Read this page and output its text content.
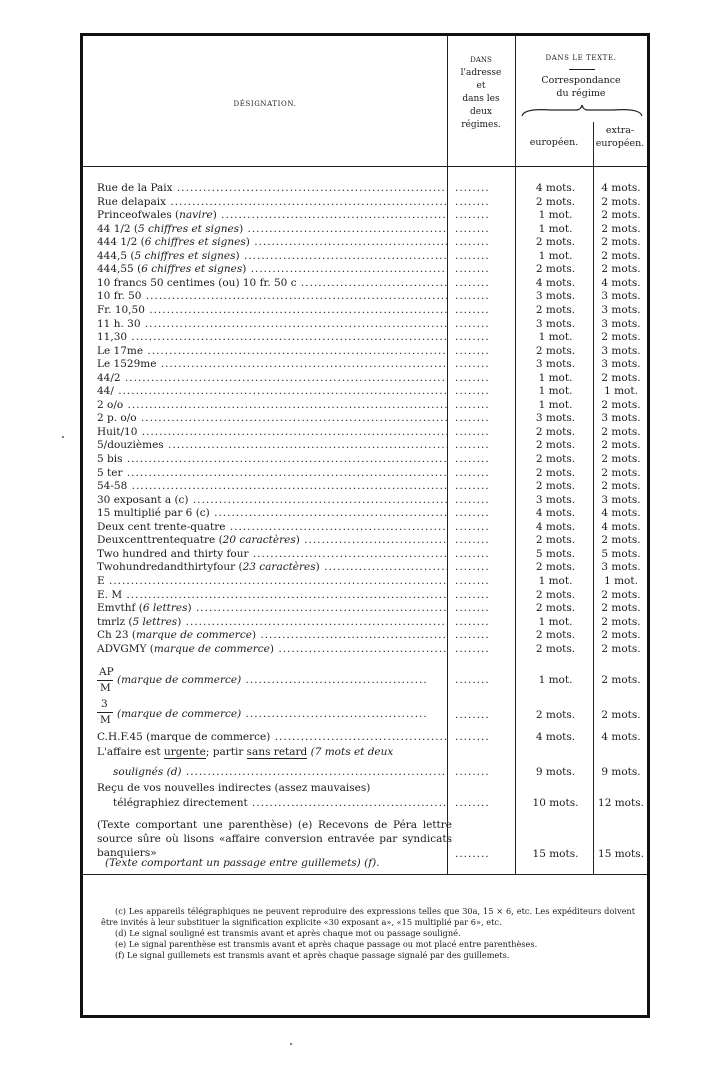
DÉSIGNATION.
DANS
l'adresse
et
dans les
deux
régimes.
DANS LE TEXTE.
Correspondance
du régime
européen.
extra-
européen.
Rue de la Paix .....	........	4 mots.	4 mots.
Rue delapaix .....	........	2 mots.	2 mots.
Princeofwales (navire) .....	........	1 mot.	2 mots.
44 1/2 (5 chiffres et signes) .....	........	1 mot.	2 mots.
444 1/2 (6 chiffres et signes) .....	........	2 mots.	2 mots.
444,5 (5 chiffres et signes) .....	........	1 mot.	2 mots.
444,55 (6 chiffres et signes) .....	........	2 mots.	2 mots.
10 francs 50 centimes (ou) 10 fr. 50 c .....	........	4 mots.	4 mots.
10 fr. 50 .....	........	3 mots.	3 mots.
Fr. 10,50 .....	........	2 mots.	3 mots.
11 h. 30 .....	........	3 mots.	3 mots.
11,30 .....	........	1 mot.	2 mots.
Le 17me .....	........	2 mots.	3 mots.
Le 1529me .....	........	3 mots.	3 mots.
44/2 .....	........	1 mot.	2 mots.
44/ .....	........	1 mot.	1 mot.
2 o/o .....	........	1 mot.	2 mots.
2 p. o/o .....	........	3 mots.	3 mots.
Huit/10 .....	........	2 mots.	2 mots.
5/douzièmes .....	........	2 mots.	2 mots.
5 bis .....	........	2 mots.	2 mots.
5 ter .....	........	2 mots.	2 mots.
54-58 .....	........	2 mots.	2 mots.
30 exposant a (c) .....	........	3 mots.	3 mots.
15 multiplié par 6 (c) .....	........	4 mots.	4 mots.
Deux cent trente-quatre .....	........	4 mots.	4 mots.
Deuxcenttrentequatre (20 caractères) .....	........	2 mots.	2 mots.
Two hundred and thirty four .....	........	5 mots.	5 mots.
Twohundredandthirtyfour (23 caractères) .....	........	2 mots.	3 mots.
E .....	........	1 mot.	1 mot.
E. M .....	........	2 mots.	2 mots.
Emvthf (6 lettres) .....	........	2 mots.	2 mots.
tmrlz (5 lettres) .....	........	1 mot.	2 mots.
Ch 23 (marque de commerce) .....	........	2 mots.	2 mots.
ADVGMY (marque de commerce) .....	........	2 mots.	2 mots.
AP
M
(marque de commerce) ..........................................	........	1 mot.	2 mots.
3
M (marque de commerce) ..........................................	........	2 mots.	2 mots.
C.H.F.45 (marque de commerce) .....	........	4 mots.	4 mots.
L'affaire est urgente; partir sans retard (7 mots et deux
soulignés (d) .....	........	9 mots.	9 mots.
Reçu de vos nouvelles indirectes (assez mauvaises)
télégraphiez directement .....	........	10 mots.	12 mots.
(Texte comportant une parenthèse) (e) Recevons de Péra lettre source sûre où lisons «affaire conversion entravée par syndicats banquiers»	........	15 mots.	15 mots.
(Texte comportant un passage entre guillemets) (f).

(c) Les appareils télégraphiques ne peuvent reproduire des expressions telles que 30a, 15 × 6, etc. Les expéditeurs doivent être invités à leur substituer la signification explicite «30 exposant a», «15 multiplié par 6», etc.

(d) Le signal souligné est transmis avant et après chaque mot ou passage souligné.

(e) Le signal parenthèse est transmis avant et après chaque passage ou mot placé entre parenthèses.

(f) Le signal guillemets est transmis avant et après chaque passage signalé par des guillemets.
